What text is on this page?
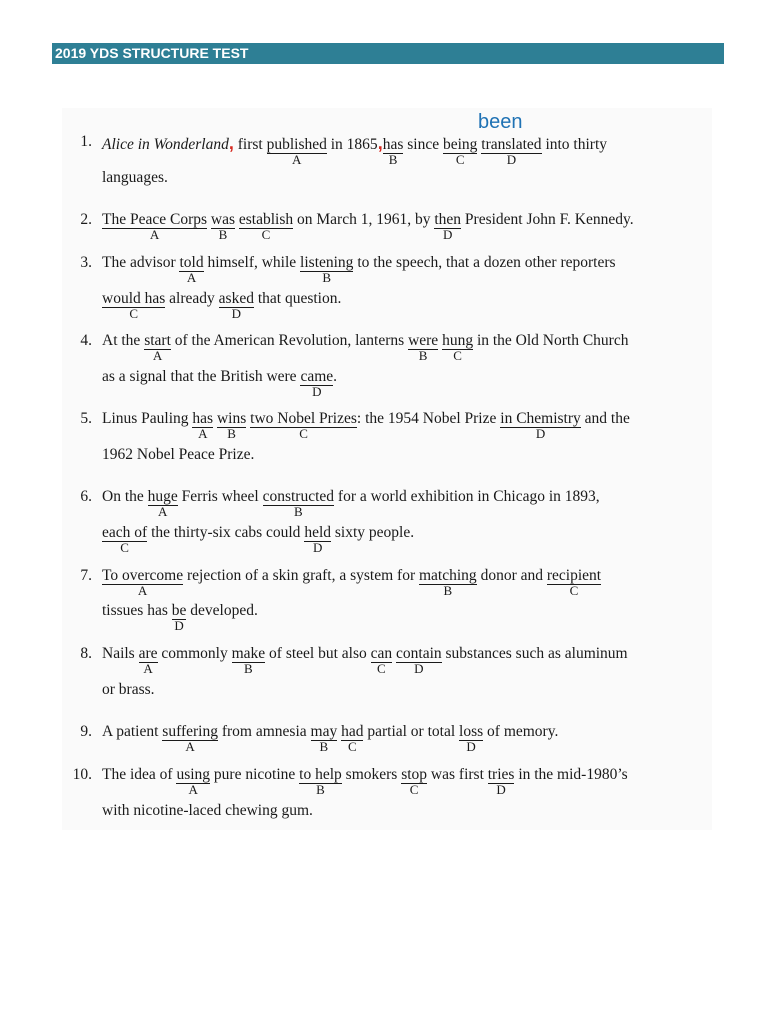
2019 YDS STRUCTURE TEST
been
1. Alice in Wonderland, first published
A
in 1865,has
B
since being
C
translated
D
into thirty
languages.
2. The Peace Corps
A
was
B
establish
C
on March 1, 1961, by then
D
President John F. Kennedy.
3. The advisor told
A
himself, while listening
B
to the speech, that a dozen other reporters
would has
C
already asked
D
that question.
4. At the start
A
of the American Revolution, lanterns were
B
hung
C
in the Old North Church
as a signal that the British were came
D
.
5. Linus Pauling has
A
wins
B
two Nobel Prizes
C
: the 1954 Nobel Prize in Chemistry
D
and the
1962 Nobel Peace Prize.
6. On the huge
A
Ferris wheel constructed
B
for a world exhibition in Chicago in 1893,
each of
C
the thirty-six cabs could held
D
sixty people.
7. To overcome
A
rejection of a skin graft, a system for matching
B
donor and recipient
C
tissues has be
D
developed.
8. Nails are
A
commonly make
B
of steel but also can
C
contain
D
substances such as aluminum
or brass.
9. A patient suffering
A
from amnesia may
B
had
C
partial or total loss
D
of memory.
10. The idea of using
A
pure nicotine to help
B
smokers stop
C
was first tries
D
in the mid-1980’s
with nicotine-laced chewing gum.
